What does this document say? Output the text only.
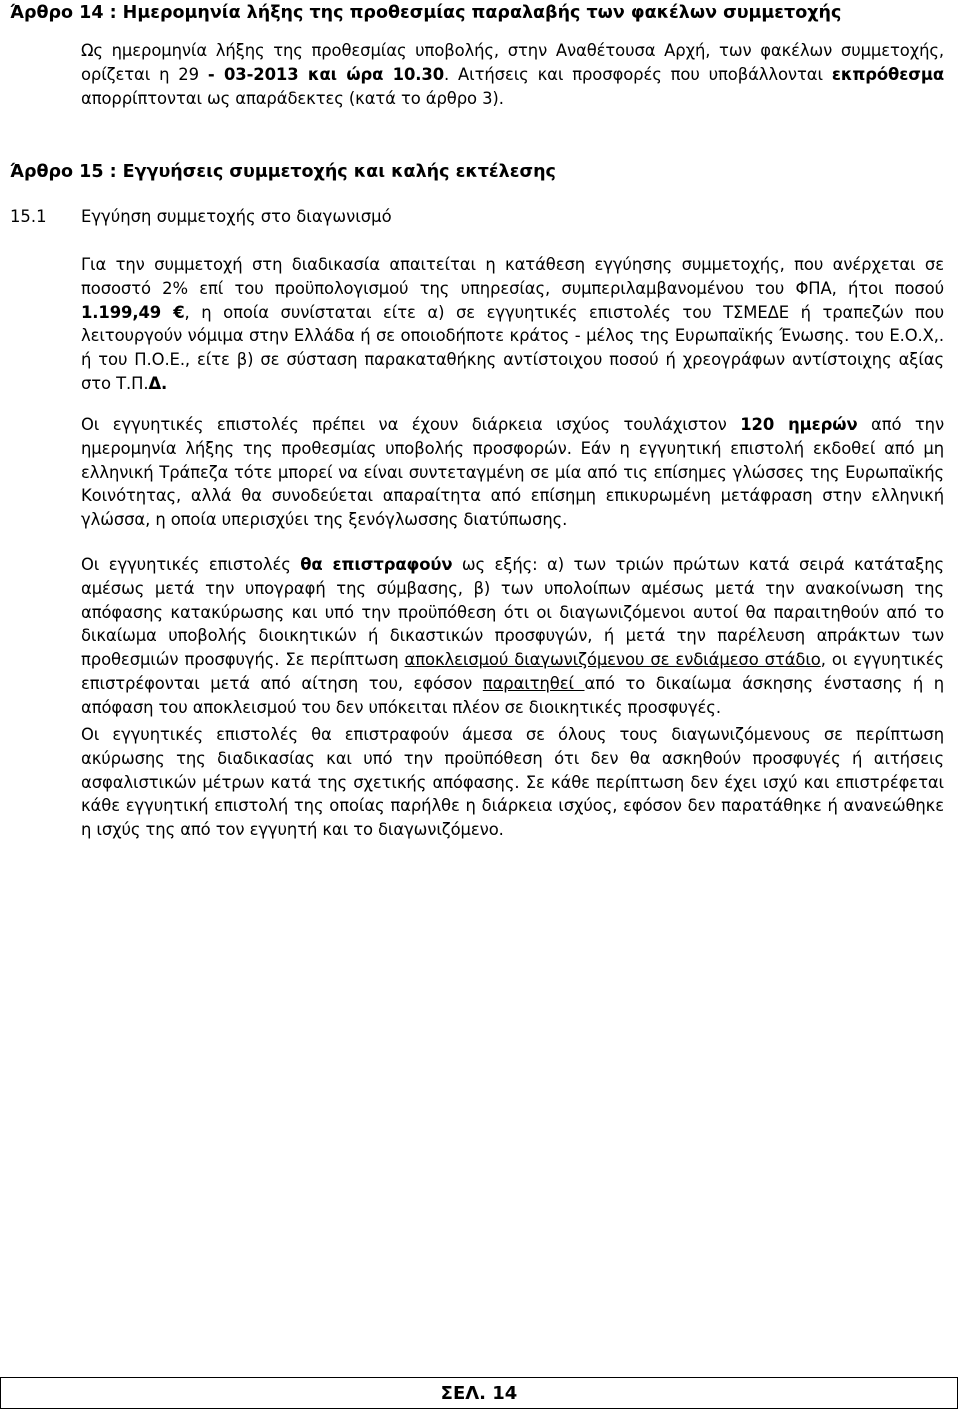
Άρθρο 14 : Ημερομηνία λήξης της προθεσμίας παραλαβής των φακέλων συμμετοχής
Ως ημερομηνία λήξης της προθεσμίας υποβολής, στην Αναθέτουσα Αρχή, των φακέλων συμμετοχής, ορίζεται η 29 - 03-2013 και ώρα 10.30. Αιτήσεις και προσφορές που υποβάλλονται εκπρόθεσμα απορρίπτονται ως απαράδεκτες (κατά το άρθρο 3).
Άρθρο 15 : Εγγυήσεις συμμετοχής και καλής εκτέλεσης
15.1 Εγγύηση συμμετοχής στο διαγωνισμό
Για την συμμετοχή στη διαδικασία απαιτείται η κατάθεση εγγύησης συμμετοχής, που ανέρχεται σε ποσοστό 2% επί του προϋπολογισμού της υπηρεσίας, συμπεριλαμβανομένου του ΦΠΑ, ήτοι ποσού 1.199,49 €, η οποία συνίσταται είτε α) σε εγγυητικές επιστολές του ΤΣΜΕΔΕ ή τραπεζών που λειτουργούν νόμιμα στην Ελλάδα ή σε οποιοδήποτε κράτος - μέλος της Ευρωπαϊκής Ένωσης. του Ε.Ο.Χ,. ή του Π.Ο.Ε., είτε β) σε σύσταση παρακαταθήκης αντίστοιχου ποσού ή χρεογράφων αντίστοιχης αξίας στο Τ.Π.Δ.
Οι εγγυητικές επιστολές πρέπει να έχουν διάρκεια ισχύος τουλάχιστον 120 ημερών από την ημερομηνία λήξης της προθεσμίας υποβολής προσφορών. Εάν η εγγυητική επιστολή εκδοθεί από μη ελληνική Τράπεζα τότε μπορεί να είναι συντεταγμένη σε μία από τις επίσημες γλώσσες της Ευρωπαϊκής Κοινότητας, αλλά θα συνοδεύεται απαραίτητα από επίσημη επικυρωμένη μετάφραση στην ελληνική γλώσσα, η οποία υπερισχύει της ξενόγλωσσης διατύπωσης.
Οι εγγυητικές επιστολές θα επιστραφούν ως εξής: α) των τριών πρώτων κατά σειρά κατάταξης αμέσως μετά την υπογραφή της σύμβασης, β) των υπολοίπων αμέσως μετά την ανακοίνωση της απόφασης κατακύρωσης και υπό την προϋπόθεση ότι οι διαγωνιζόμενοι αυτοί θα παραιτηθούν από το δικαίωμα υποβολής διοικητικών ή δικαστικών προσφυγών, ή μετά την παρέλευση απράκτων των προθεσμιών προσφυγής. Σε περίπτωση αποκλεισμού διαγωνιζόμενου σε ενδιάμεσο στάδιο, οι εγγυητικές επιστρέφονται μετά από αίτηση του, εφόσον παραιτηθεί από το δικαίωμα άσκησης ένστασης ή η απόφαση του αποκλεισμού του δεν υπόκειται πλέον σε διοικητικές προσφυγές.
Οι εγγυητικές επιστολές θα επιστραφούν άμεσα σε όλους τους διαγωνιζόμενους σε περίπτωση ακύρωσης της διαδικασίας και υπό την προϋπόθεση ότι δεν θα ασκηθούν προσφυγές ή αιτήσεις ασφαλιστικών μέτρων κατά της σχετικής απόφασης. Σε κάθε περίπτωση δεν έχει ισχύ και επιστρέφεται κάθε εγγυητική επιστολή της οποίας παρήλθε η διάρκεια ισχύος, εφόσον δεν παρατάθηκε ή ανανεώθηκε η ισχύς της από τον εγγυητή και το διαγωνιζόμενο.
ΣΕΛ. 14
